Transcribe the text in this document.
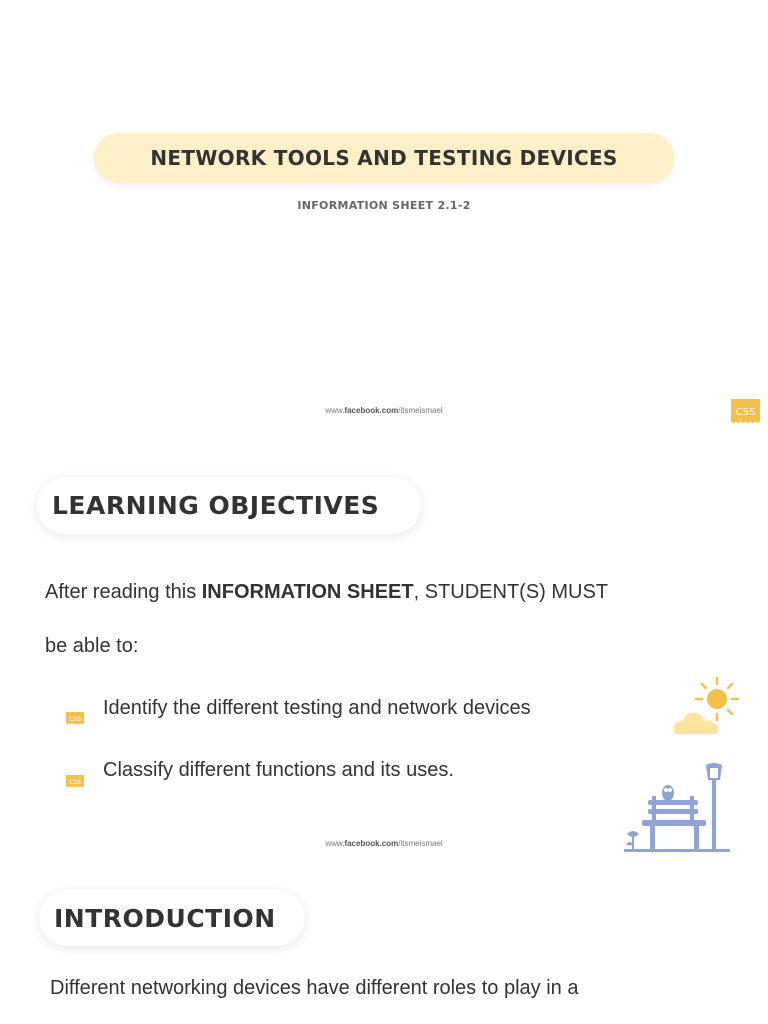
NETWORK TOOLS AND TESTING DEVICES
INFORMATION SHEET 2.1-2
www.facebook.com/itsmeismael	CSS
LEARNING OBJECTIVES
After reading this INFORMATION SHEET, STUDENT(S) MUST
be able to:
CSS
Identify the different testing and network devices
CSS
Classify different functions and its uses.
www.facebook.com/itsmeismael
INTRODUCTION
Different networking devices have different roles to play in a
